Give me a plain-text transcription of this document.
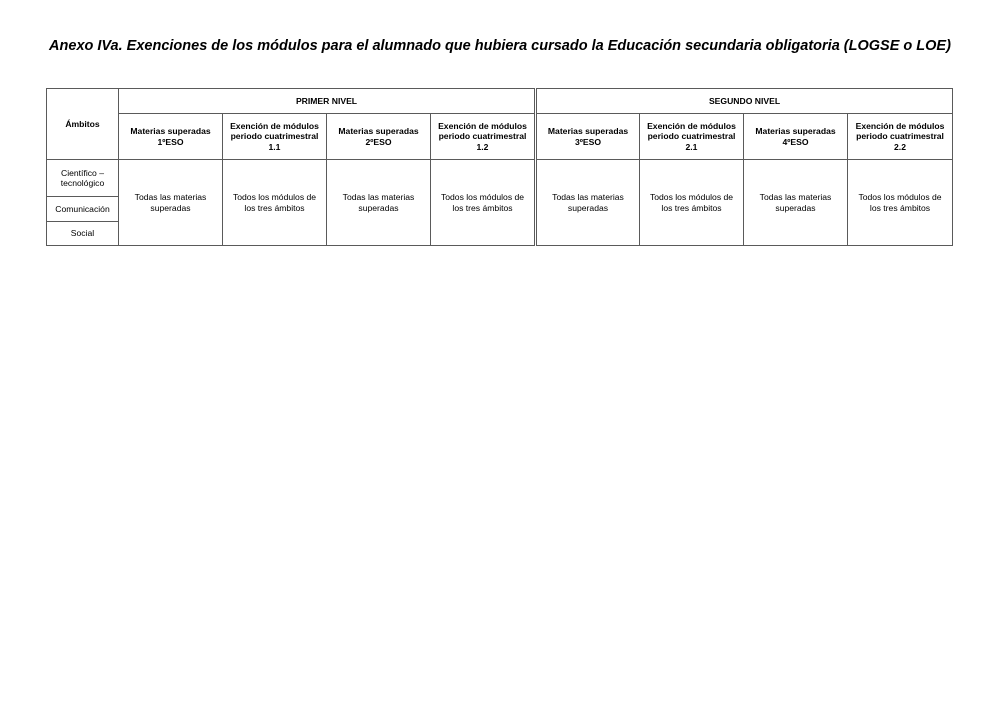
Anexo IVa. Exenciones de los módulos para el alumnado que hubiera cursado la Educación secundaria obligatoria (LOGSE o LOE)
Ámbitos	PRIMER NIVEL				SEGUNDO NIVEL			
	Materias superadas 1ºESO	Exención de módulos periodo cuatrimestral 1.1	Materias superadas 2ºESO	Exención de módulos periodo cuatrimestral 1.2	Materias superadas 3ºESO	Exención de módulos periodo cuatrimestral 2.1	Materias superadas 4ºESO	Exención de módulos periodo cuatrimestral 2.2
Científico – tecnológico	Todas las materias superadas	Todos los módulos de los tres ámbitos	Todas las materias superadas	Todos los módulos de los tres ámbitos	Todas las materias superadas	Todos los módulos de los tres ámbitos	Todas las materias superadas	Todos los módulos de los tres ámbitos
Comunicación								
Social								
